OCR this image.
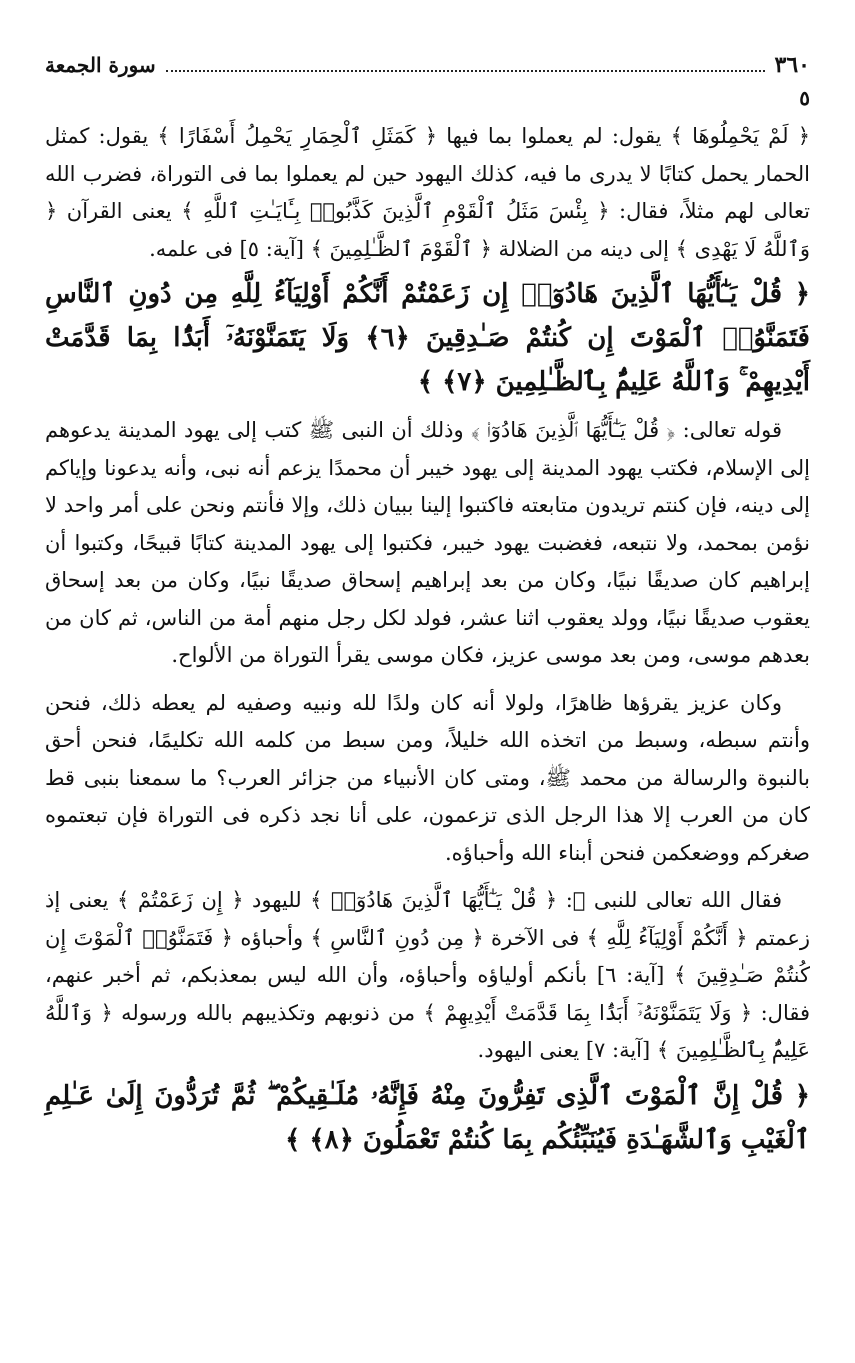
٣٦٠
سورة الجمعة
٥

﴿ لَمْ يَحْمِلُوهَا ﴾ يقول: لم يعملوا بما فيها ﴿ كَمَثَلِ ٱلْحِمَارِ يَحْمِلُ أَسْفَارًا ﴾ يقول: كمثل الحمار يحمل كتابًا لا يدرى ما فيه، كذلك اليهود حين لم يعملوا بما فى التوراة، فضرب الله تعالى لهم مثلاً، فقال: ﴿ بِئْسَ مَثَلُ ٱلْقَوْمِ ٱلَّذِينَ كَذَّبُوا۟ بِـَٔايَـٰتِ ٱللَّهِ ﴾ يعنى القرآن ﴿ وَٱللَّهُ لَا يَهْدِى ﴾ إلى دينه من الضلالة ﴿ ٱلْقَوْمَ ٱلظَّـٰلِمِينَ ﴾ [آية: ٥] فى علمه.

﴿ قُلْ يَـٰٓأَيُّهَا ٱلَّذِينَ هَادُوٓا۟ إِن زَعَمْتُمْ أَنَّكُمْ أَوْلِيَآءُ لِلَّهِ مِن دُونِ ٱلنَّاسِ فَتَمَنَّوُا۟ ٱلْمَوْتَ إِن كُنتُمْ صَـٰدِقِينَ ﴿٦﴾ وَلَا يَتَمَنَّوْنَهُۥٓ أَبَدًۢا بِمَا قَدَّمَتْ أَيْدِيهِمْ ۚ وَٱللَّهُ عَلِيمٌۢ بِٱلظَّـٰلِمِينَ ﴿٧﴾ ﴾

قوله تعالى: ﴿ قُلْ يَـٰٓأَيُّهَا ٱلَّذِينَ هَادُوٓا۟ ﴾ وذلك أن النبى ﷺ كتب إلى يهود المدينة يدعوهم إلى الإسلام، فكتب يهود المدينة إلى يهود خيبر أن محمدًا يزعم أنه نبى، وأنه يدعونا وإياكم إلى دينه، فإن كنتم تريدون متابعته فاكتبوا إلينا ببيان ذلك، وإلا فأنتم ونحن على أمر واحد لا نؤمن بمحمد، ولا نتبعه، فغضبت يهود خيبر، فكتبوا إلى يهود المدينة كتابًا قبيحًا، وكتبوا أن إبراهيم كان صديقًا نبيًا، وكان من بعد إبراهيم إسحاق صديقًا نبيًا، وكان من بعد إسحاق يعقوب صديقًا نبيًا، وولد يعقوب اثنا عشر، فولد لكل رجل منهم أمة من الناس، ثم كان من بعدهم موسى، ومن بعد موسى عزيز، فكان موسى يقرأ التوراة من الألواح.

وكان عزيز يقرؤها ظاهرًا، ولولا أنه كان ولدًا لله ونبيه وصفيه لم يعطه ذلك، فنحن وأنتم سبطه، وسبط من اتخذه الله خليلاً، ومن سبط من كلمه الله تكليمًا، فنحن أحق بالنبوة والرسالة من محمد ﷺ، ومتى كان الأنبياء من جزائر العرب؟ ما سمعنا بنبى قط كان من العرب إلا هذا الرجل الذى تزعمون، على أنا نجد ذكره فى التوراة فإن تبعتموه صغركم ووضعكمن فنحن أبناء الله وأحباؤه.

فقال الله تعالى للنبى ﷺ: ﴿ قُلْ يَـٰٓأَيُّهَا ٱلَّذِينَ هَادُوٓا۟ ﴾ لليهود ﴿ إِن زَعَمْتُمْ ﴾ يعنى إذ زعمتم ﴿ أَنَّكُمْ أَوْلِيَآءُ لِلَّهِ ﴾ فى الآخرة ﴿ مِن دُونِ ٱلنَّاسِ ﴾ وأحباؤه ﴿ فَتَمَنَّوُا۟ ٱلْمَوْتَ إِن كُنتُمْ صَـٰدِقِينَ ﴾ [آية: ٦] بأنكم أولياؤه وأحباؤه، وأن الله ليس بمعذبكم، ثم أخبر عنهم، فقال: ﴿ وَلَا يَتَمَنَّوْنَهُۥٓ أَبَدًۢا بِمَا قَدَّمَتْ أَيْدِيهِمْ ﴾ من ذنوبهم وتكذيبهم بالله ورسوله ﴿ وَٱللَّهُ عَلِيمٌۢ بِٱلظَّـٰلِمِينَ ﴾ [آية: ٧] يعنى اليهود.

﴿ قُلْ إِنَّ ٱلْمَوْتَ ٱلَّذِى تَفِرُّونَ مِنْهُ فَإِنَّهُۥ مُلَـٰقِيكُمْ ۖ ثُمَّ تُرَدُّونَ إِلَىٰ عَـٰلِمِ ٱلْغَيْبِ وَٱلشَّهَـٰدَةِ فَيُنَبِّئُكُم بِمَا كُنتُمْ تَعْمَلُونَ ﴿٨﴾ ﴾
